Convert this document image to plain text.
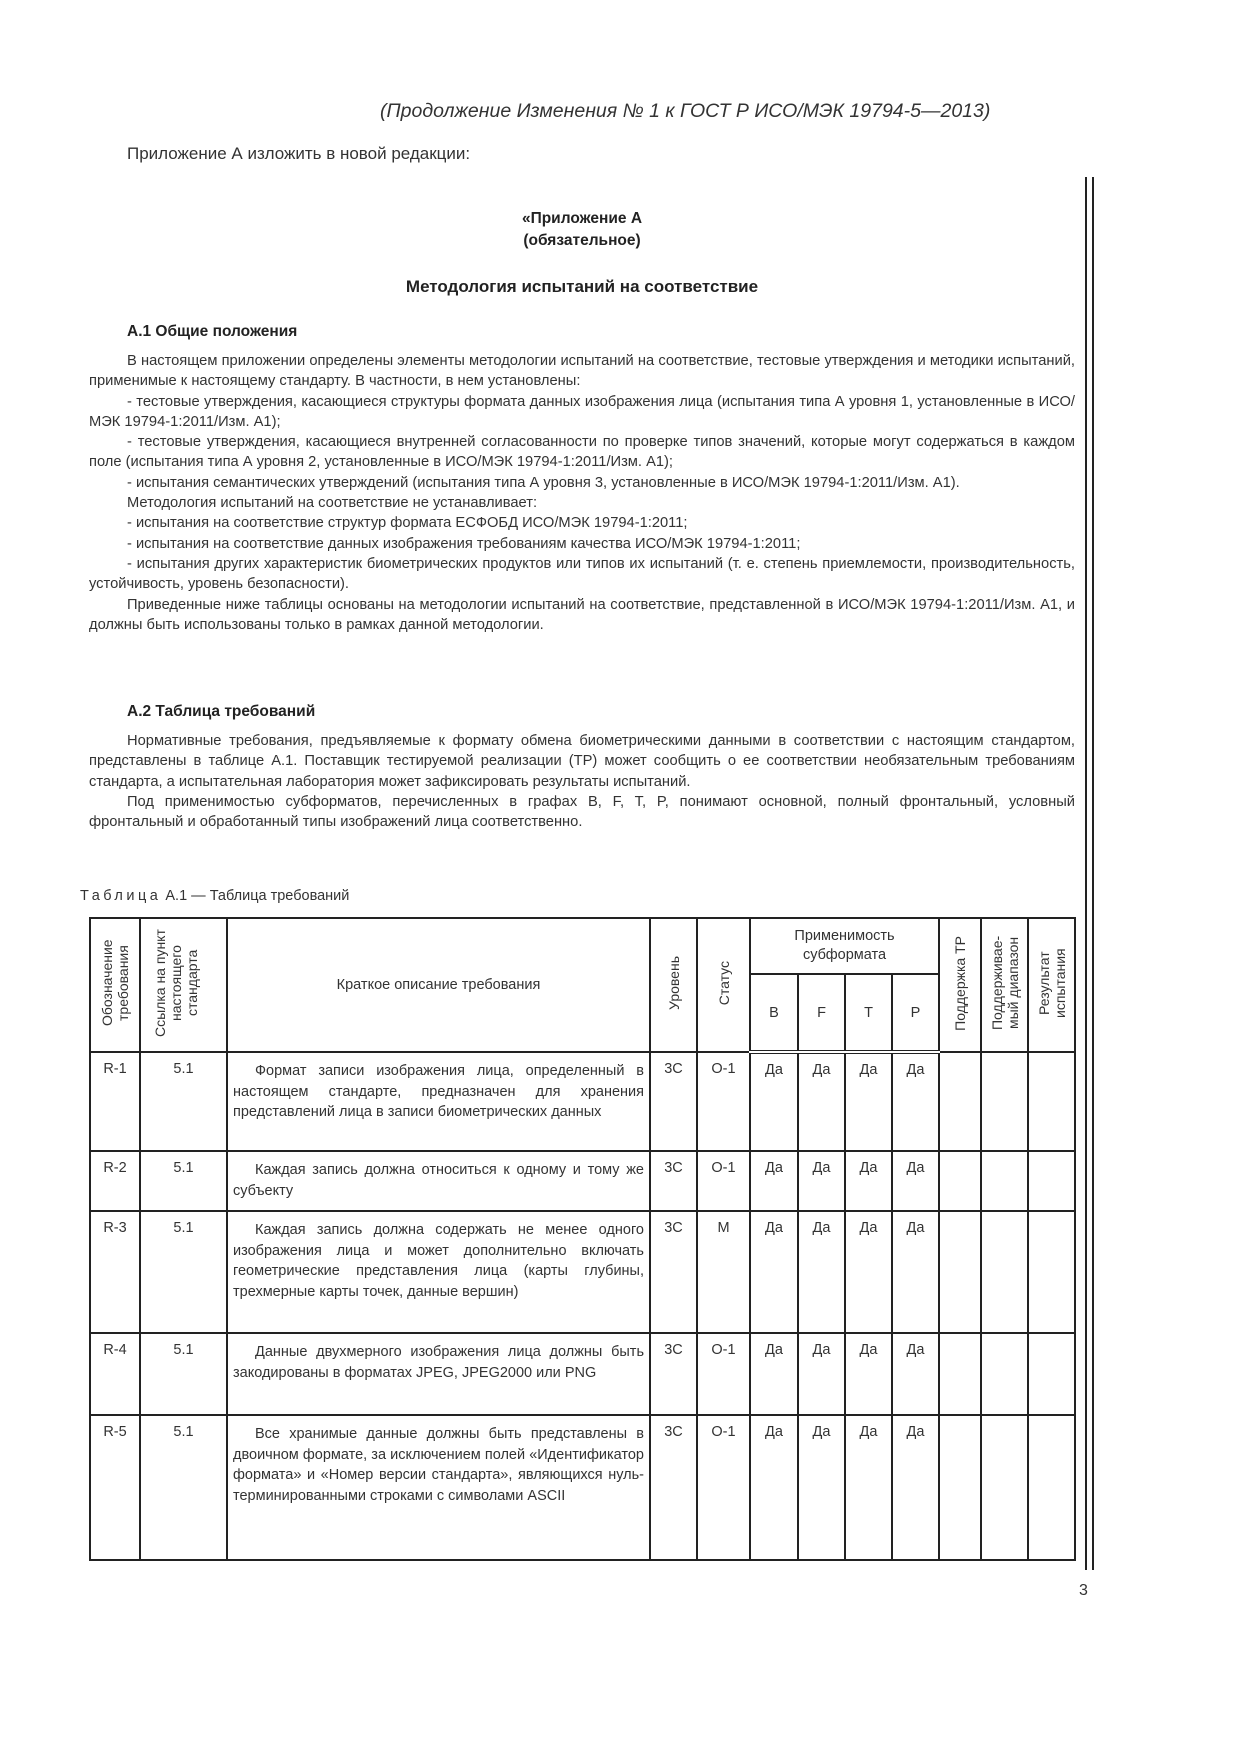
(Продолжение Изменения № 1 к ГОСТ Р ИСО/МЭК 19794-5—2013)
Приложение А изложить в новой редакции:
«Приложение А
(обязательное)
Методология испытаний на соответствие
А.1 Общие положения

В настоящем приложении определены элементы методологии испытаний на соответствие, тестовые утверждения и методики испытаний, применимые к настоящему стандарту. В частности, в нем установлены:

- тестовые утверждения, касающиеся структуры формата данных изображения лица (испытания типа А уровня 1, установленные в ИСО/МЭК 19794-1:2011/Изм. А1);

- тестовые утверждения, касающиеся внутренней согласованности по проверке типов значений, которые могут содержаться в каждом поле (испытания типа А уровня 2, установленные в ИСО/МЭК 19794-1:2011/Изм. А1);

- испытания семантических утверждений (испытания типа А уровня 3, установленные в ИСО/МЭК 19794-1:2011/Изм. А1).

Методология испытаний на соответствие не устанавливает:

- испытания на соответствие структур формата ЕСФОБД ИСО/МЭК 19794-1:2011;

- испытания на соответствие данных изображения требованиям качества ИСО/МЭК 19794-1:2011;

- испытания других характеристик биометрических продуктов или типов их испытаний (т. е. степень приемлемости, производительность, устойчивость, уровень безопасности).

Приведенные ниже таблицы основаны на методологии испытаний на соответствие, представленной в ИСО/МЭК 19794-1:2011/Изм. А1, и должны быть использованы только в рамках данной методологии.

А.2 Таблица требований

Нормативные требования, предъявляемые к формату обмена биометрическими данными в соответствии с настоящим стандартом, представлены в таблице А.1. Поставщик тестируемой реализации (ТР) может сообщить о ее соответствии необязательным требованиям стандарта, а испытательная лаборатория может зафиксировать результаты испытаний.

Под применимостью субформатов, перечисленных в графах B, F, T, P, понимают основной, полный фронтальный, условный фронтальный и обработанный типы изображений лица соответственно.

Таблица А.1 — Таблица требований
Обозначение требования	Ссылка на пункт настоящего стандарта	Краткое описание требования	Уровень	Статус	Применимость субформата				Поддержка ТР	Поддерживае-мый диапазон	Результат испытания
					B	F	T	P			
R-1	5.1	Формат записи изображения лица, определенный в настоящем стандарте, предназначен для хранения представлений лица в записи биометрических данных	3С	О-1	Да	Да	Да	Да			
R-2	5.1	Каждая запись должна относиться к одному и тому же субъекту	3С	О-1	Да	Да	Да	Да			
R-3	5.1	Каждая запись должна содержать не менее одного изображения лица и может дополнительно включать геометрические представления лица (карты глубины, трехмерные карты точек, данные вершин)	3С	М	Да	Да	Да	Да			
R-4	5.1	Данные двухмерного изображения лица должны быть закодированы в форматах JPEG, JPEG2000 или PNG	3С	О-1	Да	Да	Да	Да			
R-5	5.1	Все хранимые данные должны быть представлены в двоичном формате, за исключением полей «Идентификатор формата» и «Номер версии стандарта», являющихся нуль-терминированными строками с символами ASCII	3С	О-1	Да	Да	Да	Да			
3
